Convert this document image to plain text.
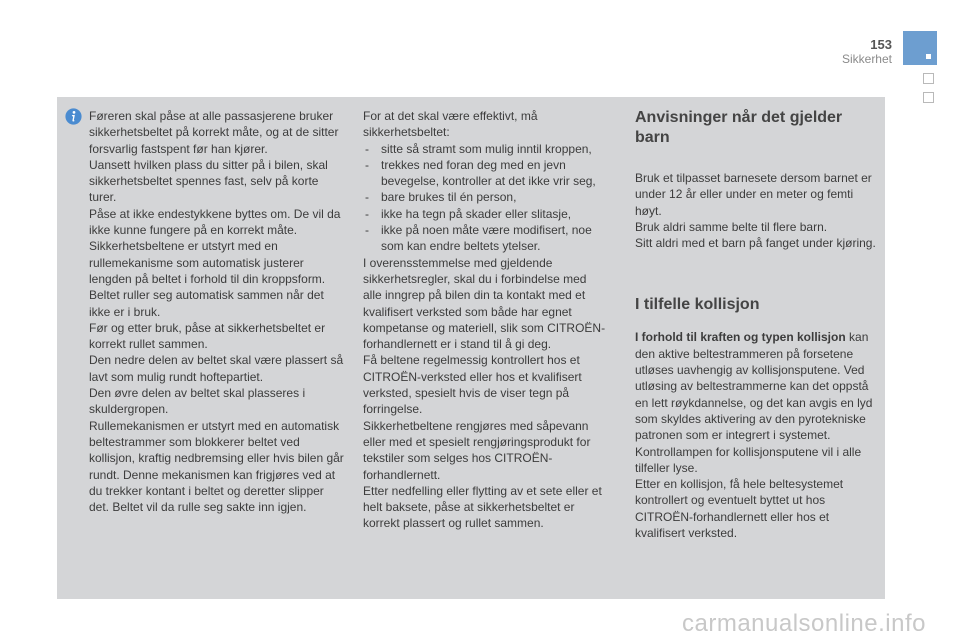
153
Sikkerhet

Føreren skal påse at alle passasjerene bruker sikkerhetsbeltet på korrekt måte, og at de sitter forsvarlig fastspent før han kjører.

Uansett hvilken plass du sitter på i bilen, skal sikkerhetsbeltet spennes fast, selv på korte turer.

Påse at ikke endestykkene byttes om. De vil da ikke kunne fungere på en korrekt måte.

Sikkerhetsbeltene er utstyrt med en rullemekanisme som automatisk justerer lengden på beltet i forhold til din kroppsform. Beltet ruller seg automatisk sammen når det ikke er i bruk.

Før og etter bruk, påse at sikkerhetsbeltet er korrekt rullet sammen.

Den nedre delen av beltet skal være plassert så lavt som mulig rundt hoftepartiet.

Den øvre delen av beltet skal plasseres i skuldergropen.

Rullemekanismen er utstyrt med en automatisk beltestrammer som blokkerer beltet ved kollisjon, kraftig nedbremsing eller hvis bilen går rundt. Denne mekanismen kan frigjøres ved at du trekker kontant i beltet og deretter slipper det. Beltet vil da rulle seg sakte inn igjen.

For at det skal være effektivt, må sikkerhetsbeltet:

- sitte så stramt som mulig inntil kroppen,
- trekkes ned foran deg med en jevn bevegelse, kontroller at det ikke vrir seg,
- bare brukes til én person,
- ikke ha tegn på skader eller slitasje,
- ikke på noen måte være modifisert, noe som kan endre beltets ytelser.

I overensstemmelse med gjeldende sikkerhetsregler, skal du i forbindelse med alle inngrep på bilen din ta kontakt med et kvalifisert verksted som både har egnet kompetanse og materiell, slik som CITROËN-forhandlernett er i stand til å gi deg.

Få beltene regelmessig kontrollert hos et CITROËN-verksted eller hos et kvalifisert verksted, spesielt hvis de viser tegn på forringelse.

Sikkerhetbeltene rengjøres med såpevann eller med et spesielt rengjøringsprodukt for tekstiler som selges hos CITROËN-forhandlernett.

Etter nedfelling eller flytting av et sete eller et helt baksete, påse at sikkerhetsbeltet er korrekt plassert og rullet sammen.

Anvisninger når det gjelder barn

Bruk et tilpasset barnesete dersom barnet er under 12 år eller under en meter og femti høyt.

Bruk aldri samme belte til flere barn.

Sitt aldri med et barn på fanget under kjøring.

I tilfelle kollisjon

I forhold til kraften og typen kollisjon kan den aktive beltestrammeren på forsetene utløses uavhengig av kollisjonsputene. Ved utløsing av beltestrammerne kan det oppstå en lett røykdannelse, og det kan avgis en lyd som skyldes aktivering av den pyrotekniske patronen som er integrert i systemet.

Kontrollampen for kollisjonsputene vil i alle tilfeller lyse.

Etter en kollisjon, få hele beltesystemet kontrollert og eventuelt byttet ut hos CITROËN-forhandlernett eller hos et kvalifisert verksted.

carmanualsonline.info
